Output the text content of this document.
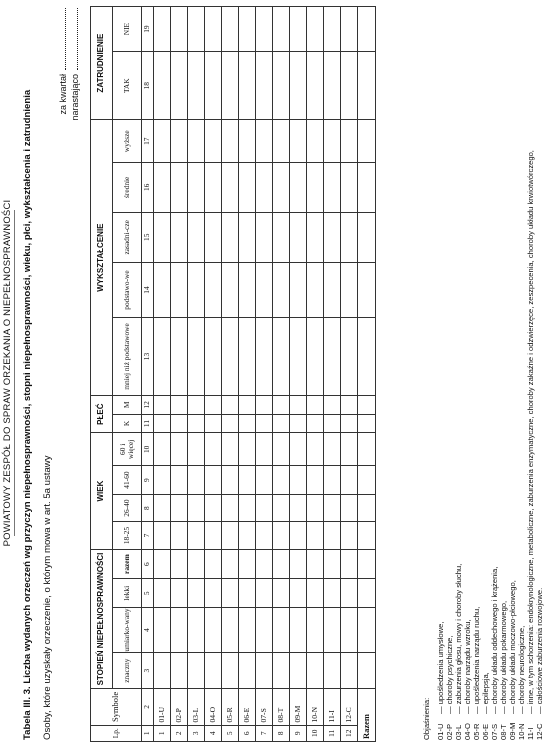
POWIATOWY ZESPÓŁ DO SPRAW ORZEKANIA O NIEPEŁNOSPRAWNOŚCI Tabela III. 3. Liczba wydanych orzeczeń wg przyczyn niepełnosprawności, stopni niepełnosprawności, wieku, płci, wykształcenia i zatrudnienia Osoby, które uzyskały orzeczenie, o którym mowa w art. 5a ustawy
za kwartał narastająco
Lp.	Symbole	STOPIEŃ NIEPEŁNOSPRAWNOŚCI				WIEK				PŁEĆ		WYKSZTAŁCENIE					ZATRUDNIENIE	
		znaczny	umiarko-wany	lekki	razem	18-25	26-40	41-60	60 i więcej	K	M	mniej niż podstawowe	podstawo-we	zasadni-cze	średnie	wyższe	TAK	NIE
1	2	3	4	5	6	7	8	9	10	11	12	13	14	15	16	17	18	19
1	01-U																	
2	02-P																	
3	03-L																	
4	04-O																	
5	05-R																	
6	06-E																	
7	07-S																	
8	08-T																	
9	09-M																	
10	10-N																	
11	11-I																	
12	12-C																	
Razem																			Objaśnienia: 01-U— upośledzenia umysłowe,
02-P— choroby psychiczne,
03-L— zaburzenia głosu, mowy i choroby słuchu,
04-O— choroby narządu wzroku,
05-R— upośledzenia narządu ruchu,
06-E— epilepsja,
07-S— choroby układu oddechowego i krążenia,
08-T— choroby układu pokarmowego,
09-M— choroby układu moczowo-płciowego,
10-N— choroby neurologiczne,
11-I— inne, w tym schorzenia: endokrynologiczne, metaboliczne, zaburzenia enzymatyczne, choroby zakaźne i odzwierzęce, zeszpecenia, choroby układu krwiotwórczego,
12-C— całościowe zaburzenia rozwojowe.
